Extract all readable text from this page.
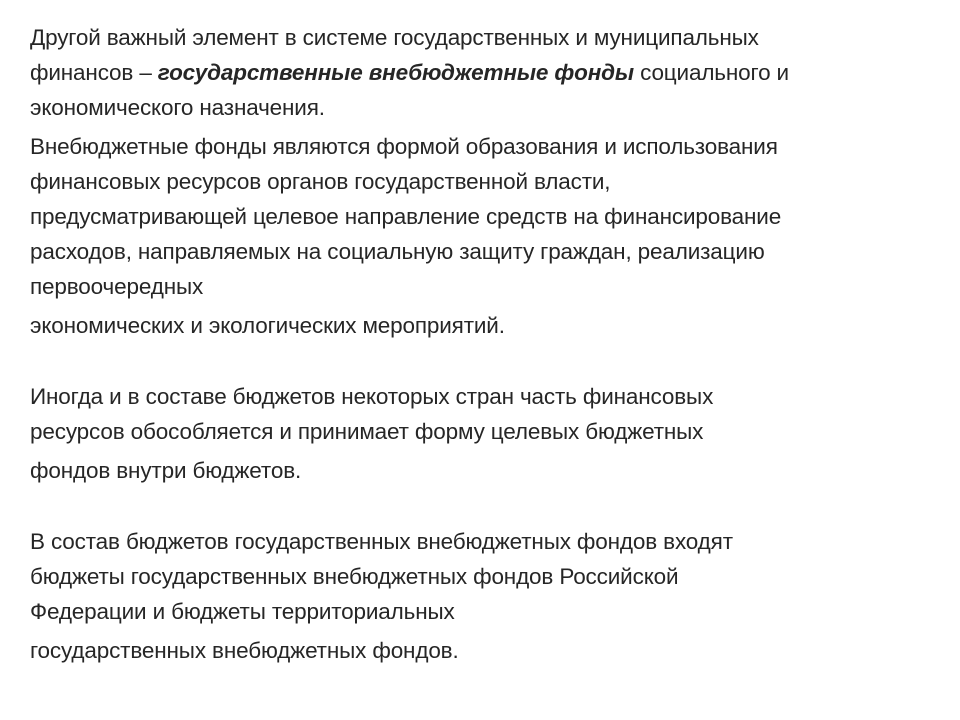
Другой важный элемент в системе государственных и муниципальных
финансов – государственные внебюджетные фонды социального и
экономического назначения.

Внебюджетные фонды являются формой образования и использования
финансовых ресурсов органов государственной власти,
предусматривающей целевое направление средств на финансирование
расходов, направляемых на социальную защиту граждан, реализацию
первоочередных

экономических и экологических мероприятий.

Иногда и в составе бюджетов некоторых стран часть финансовых
ресурсов обособляется и принимает форму целевых бюджетных

фондов внутри бюджетов.

В состав бюджетов государственных внебюджетных фондов входят
бюджеты государственных внебюджетных фондов Российской
Федерации и бюджеты территориальных

государственных внебюджетных фондов.
